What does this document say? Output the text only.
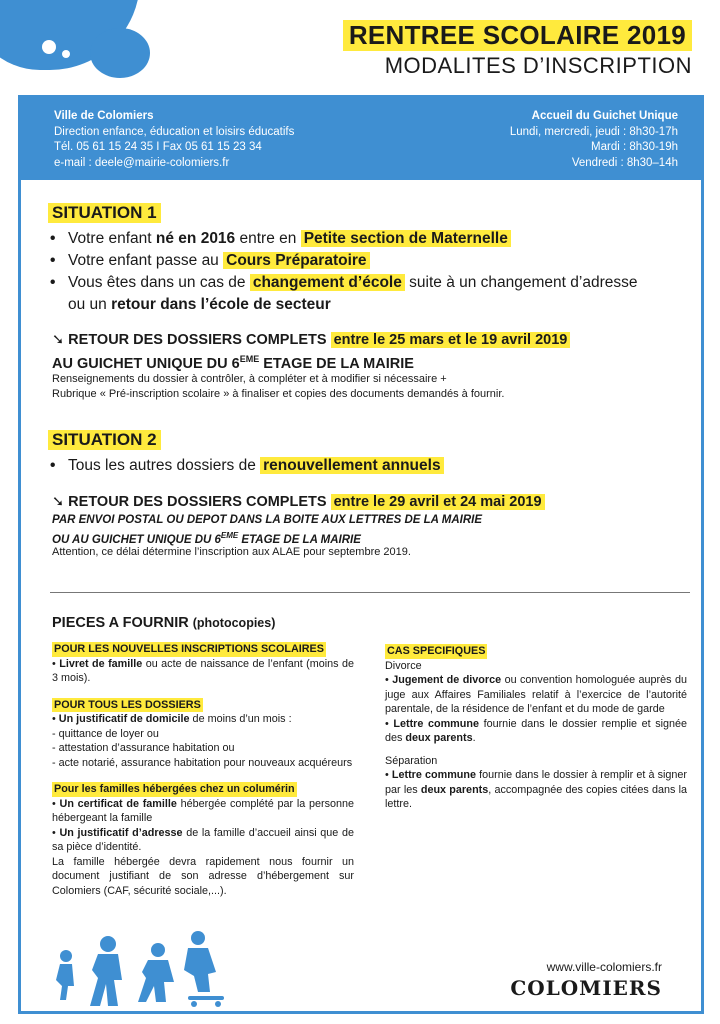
RENTREE SCOLAIRE 2019
MODALITES D’INSCRIPTION
Ville de Colomiers
Direction enfance, éducation et loisirs éducatifs
Tél. 05 61 15 24 35 I Fax 05 61 15 23 34
e-mail : deele@mairie-colomiers.fr
Accueil du Guichet Unique
Lundi, mercredi, jeudi : 8h30-17h
Mardi : 8h30-19h
Vendredi : 8h30–14h
SITUATION 1
• Votre enfant né en 2016 entre en Petite section de Maternelle
• Votre enfant passe au Cours Préparatoire
• Vous êtes dans un cas de changement d’école suite à un changement d’adresse
ou un retour dans l’école de secteur
➘ RETOUR DES DOSSIERS COMPLETS entre le 25 mars et le 19 avril 2019
AU GUICHET UNIQUE DU 6EME ETAGE DE LA MAIRIE
Renseignements du dossier à contrôler, à compléter et à modifier si nécessaire +
Rubrique « Pré-inscription scolaire » à finaliser et copies des documents demandés à fournir.
SITUATION 2
• Tous les autres dossiers de renouvellement annuels
➘ RETOUR DES DOSSIERS COMPLETS entre le 29 avril et 24 mai 2019
PAR ENVOI POSTAL OU DEPOT DANS LA BOITE AUX LETTRES DE LA MAIRIE
OU AU GUICHET UNIQUE DU 6EME ETAGE DE LA MAIRIE
Attention, ce délai détermine l’inscription aux ALAE pour septembre 2019.
PIECES A FOURNIR (photocopies)
POUR LES NOUVELLES INSCRIPTIONS SCOLAIRES

• Livret de famille ou acte de naissance de l’enfant (moins de 3 mois).

POUR TOUS LES DOSSIERS

• Un justificatif de domicile de moins d’un mois :

- quittance de loyer ou

- attestation d’assurance habitation ou

- acte notarié, assurance habitation pour nouveaux acquéreurs

Pour les familles hébergées chez un columérin

• Un certificat de famille hébergée complété par la personne hébergeant la famille

• Un justificatif d’adresse de la famille d’accueil ainsi que de sa pièce d’identité.

La famille hébergée devra rapidement nous fournir un document justifiant de son adresse d’hébergement sur Colomiers (CAF, sécurité sociale,...).

CAS SPECIFIQUES

Divorce

• Jugement de divorce ou convention homologuée auprès du juge aux Affaires Familiales relatif à l’exercice de l’autorité parentale, de la résidence de l’enfant et du mode de garde

• Lettre commune fournie dans le dossier remplie et signée des deux parents.

Séparation

• Lettre commune fournie dans le dossier à remplir et à signer par les deux parents, accompagnée des copies citées dans la lettre.

www.ville-colomiers.fr
COLOMIERS
